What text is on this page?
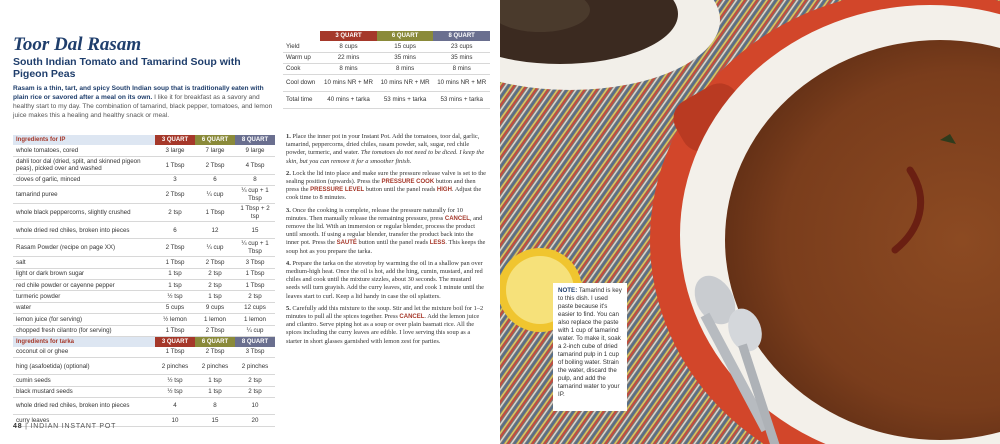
Toor Dal Rasam
South Indian Tomato and Tamarind Soup with Pigeon Peas

Rasam is a thin, tart, and spicy South Indian soup that is traditionally eaten with plain rice or savored after a meal on its own. I like it for breakfast as a savory and healthy start to my day. The combination of tamarind, black pepper, tomatoes, and lemon juice makes this a healing and healthy snack or meal.

	3 QUART	6 QUART	8 QUART
Yield	8 cups	15 cups	23 cups
Warm up	22 mins	35 mins	35 mins
Cook	8 mins	8 mins	8 mins
Cool down	10 mins NR + MR	10 mins NR + MR	10 mins NR + MR
Total time	40 mins + tarka	53 mins + tarka	53 mins + tarka
Ingredients for IP	3 QUART	6 QUART	8 QUART
whole tomatoes, cored	3 large	7 large	9 large
dahli toor dal (dried, split, and skinned pigeon peas), picked over and washed	1 Tbsp	2 Tbsp	4 Tbsp
cloves of garlic, minced	3	6	8
tamarind puree	2 Tbsp	¼ cup	¼ cup + 1 Tbsp
whole black peppercorns, slightly crushed	2 tsp	1 Tbsp	1 Tbsp + 2 tsp
whole dried red chiles, broken into pieces	6	12	15
Rasam Powder (recipe on page XX)	2 Tbsp	¼ cup	¼ cup + 1 Tbsp
salt	1 Tbsp	2 Tbsp	3 Tbsp
light or dark brown sugar	1 tsp	2 tsp	1 Tbsp
red chile powder or cayenne pepper	1 tsp	2 tsp	1 Tbsp
turmeric powder	½ tsp	1 tsp	2 tsp
water	5 cups	9 cups	12 cups
lemon juice (for serving)	½ lemon	1 lemon	1 lemon
chopped fresh cilantro (for serving)	1 Tbsp	2 Tbsp	¼ cup
Ingredients for tarka	3 QUART	6 QUART	8 QUART
coconut oil or ghee	1 Tbsp	2 Tbsp	3 Tbsp
hing (asafoetida) (optional)	2 pinches	2 pinches	2 pinches
cumin seeds	½ tsp	1 tsp	2 tsp
black mustard seeds	½ tsp	1 tsp	2 tsp
whole dried red chiles, broken into pieces	4	8	10
curry leaves	10	15	20

1. Place the inner pot in your Instant Pot. Add the tomatoes, toor dal, garlic, tamarind, peppercorns, dried chiles, rasam powder, salt, sugar, red chile powder, turmeric, and water. The tomatoes do not need to be diced. I keep the skin, but you can remove it for a smoother finish.

2. Lock the lid into place and make sure the pressure release valve is set to the sealing position (upwards). Press the PRESSURE COOK button and then press the PRESSURE LEVEL button until the panel reads HIGH. Adjust the cook time to 8 minutes.

3. Once the cooking is complete, release the pressure naturally for 10 minutes. Then manually release the remaining pressure, press CANCEL, and remove the lid. With an immersion or regular blender, process the product until smooth. If using a regular blender, transfer the product back into the inner pot. Press the SAUTÉ button until the panel reads LESS. This keeps the soup hot as you prepare the tarka.

4. Prepare the tarka on the stovetop by warming the oil in a shallow pan over medium-high heat. Once the oil is hot, add the hing, cumin, mustard, and red chiles and cook until the mixture sizzles, about 30 seconds. The mustard seeds will turn grayish. Add the curry leaves, stir, and cook 1 minute until the leaves start to curl. Keep a lid handy in case the oil splatters.

5. Carefully add this mixture to the soup. Stir and let the mixture boil for 1–2 minutes to pull all the spices together. Press CANCEL. Add the lemon juice and cilantro. Serve piping hot as a soup or over plain basmati rice. All the spices including the curry leaves are edible. I love serving this soup as a starter in short glasses garnished with lemon zest for parties.

48 | INDIAN INSTANT POT
NOTE: Tamarind is key to this dish. I used paste because it's easier to find. You can also replace the paste with 1 cup of tamarind water. To make it, soak a 2-inch cube of dried tamarind pulp in 1 cup of boiling water. Strain the water, discard the pulp, and add the tamarind water to your IP.
